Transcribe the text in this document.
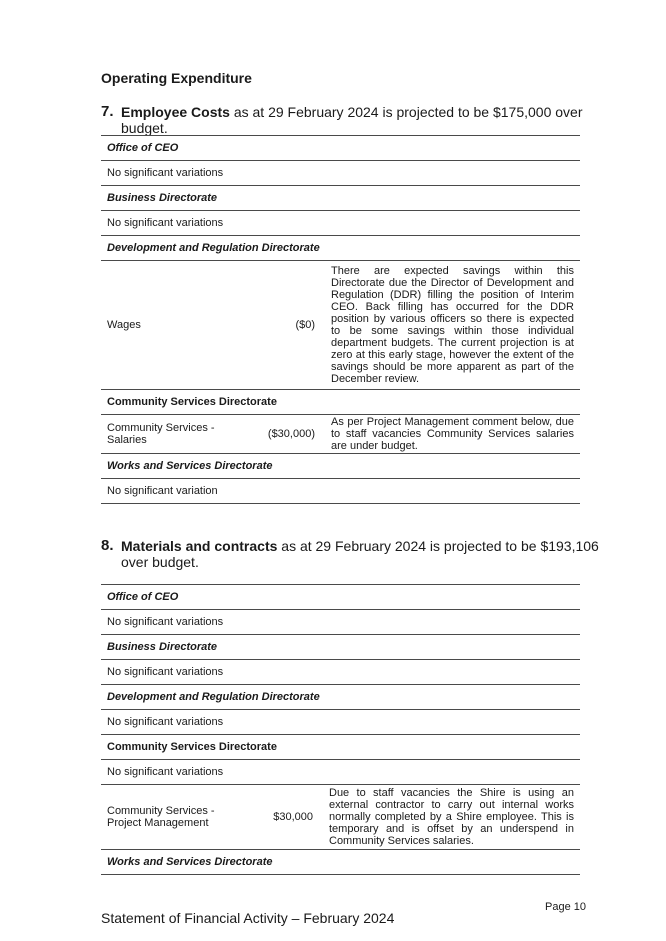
Operating Expenditure
7. Employee Costs as at 29 February 2024 is projected to be $175,000 over budget.
Office of CEO		
No significant variations		
Business Directorate		
No significant variations		
Development and Regulation Directorate		
Wages	($0)	There are expected savings within this Directorate due the Director of Development and Regulation (DDR) filling the position of Interim CEO. Back filling has occurred for the DDR position by various officers so there is expected to be some savings within those individual department budgets. The current projection is at zero at this early stage, however the extent of the savings should be more apparent as part of the December review.
Community Services Directorate		
Community Services - Salaries	($30,000)	As per Project Management comment below, due to staff vacancies Community Services salaries are under budget.
Works and Services Directorate		
No significant variation		
8. Materials and contracts as at 29 February 2024 is projected to be $193,106 over budget.
Office of CEO
No significant variations
Business Directorate
No significant variations
Development and Regulation Directorate
No significant variations
Community Services Directorate
No significant variations
Community Services - Project Management	$30,000	Due to staff vacancies the Shire is using an external contractor to carry out internal works normally completed by a Shire employee. This is temporary and is offset by an underspend in Community Services salaries.
Works and Services Directorate
Page 10
Statement of Financial Activity – February 2024
